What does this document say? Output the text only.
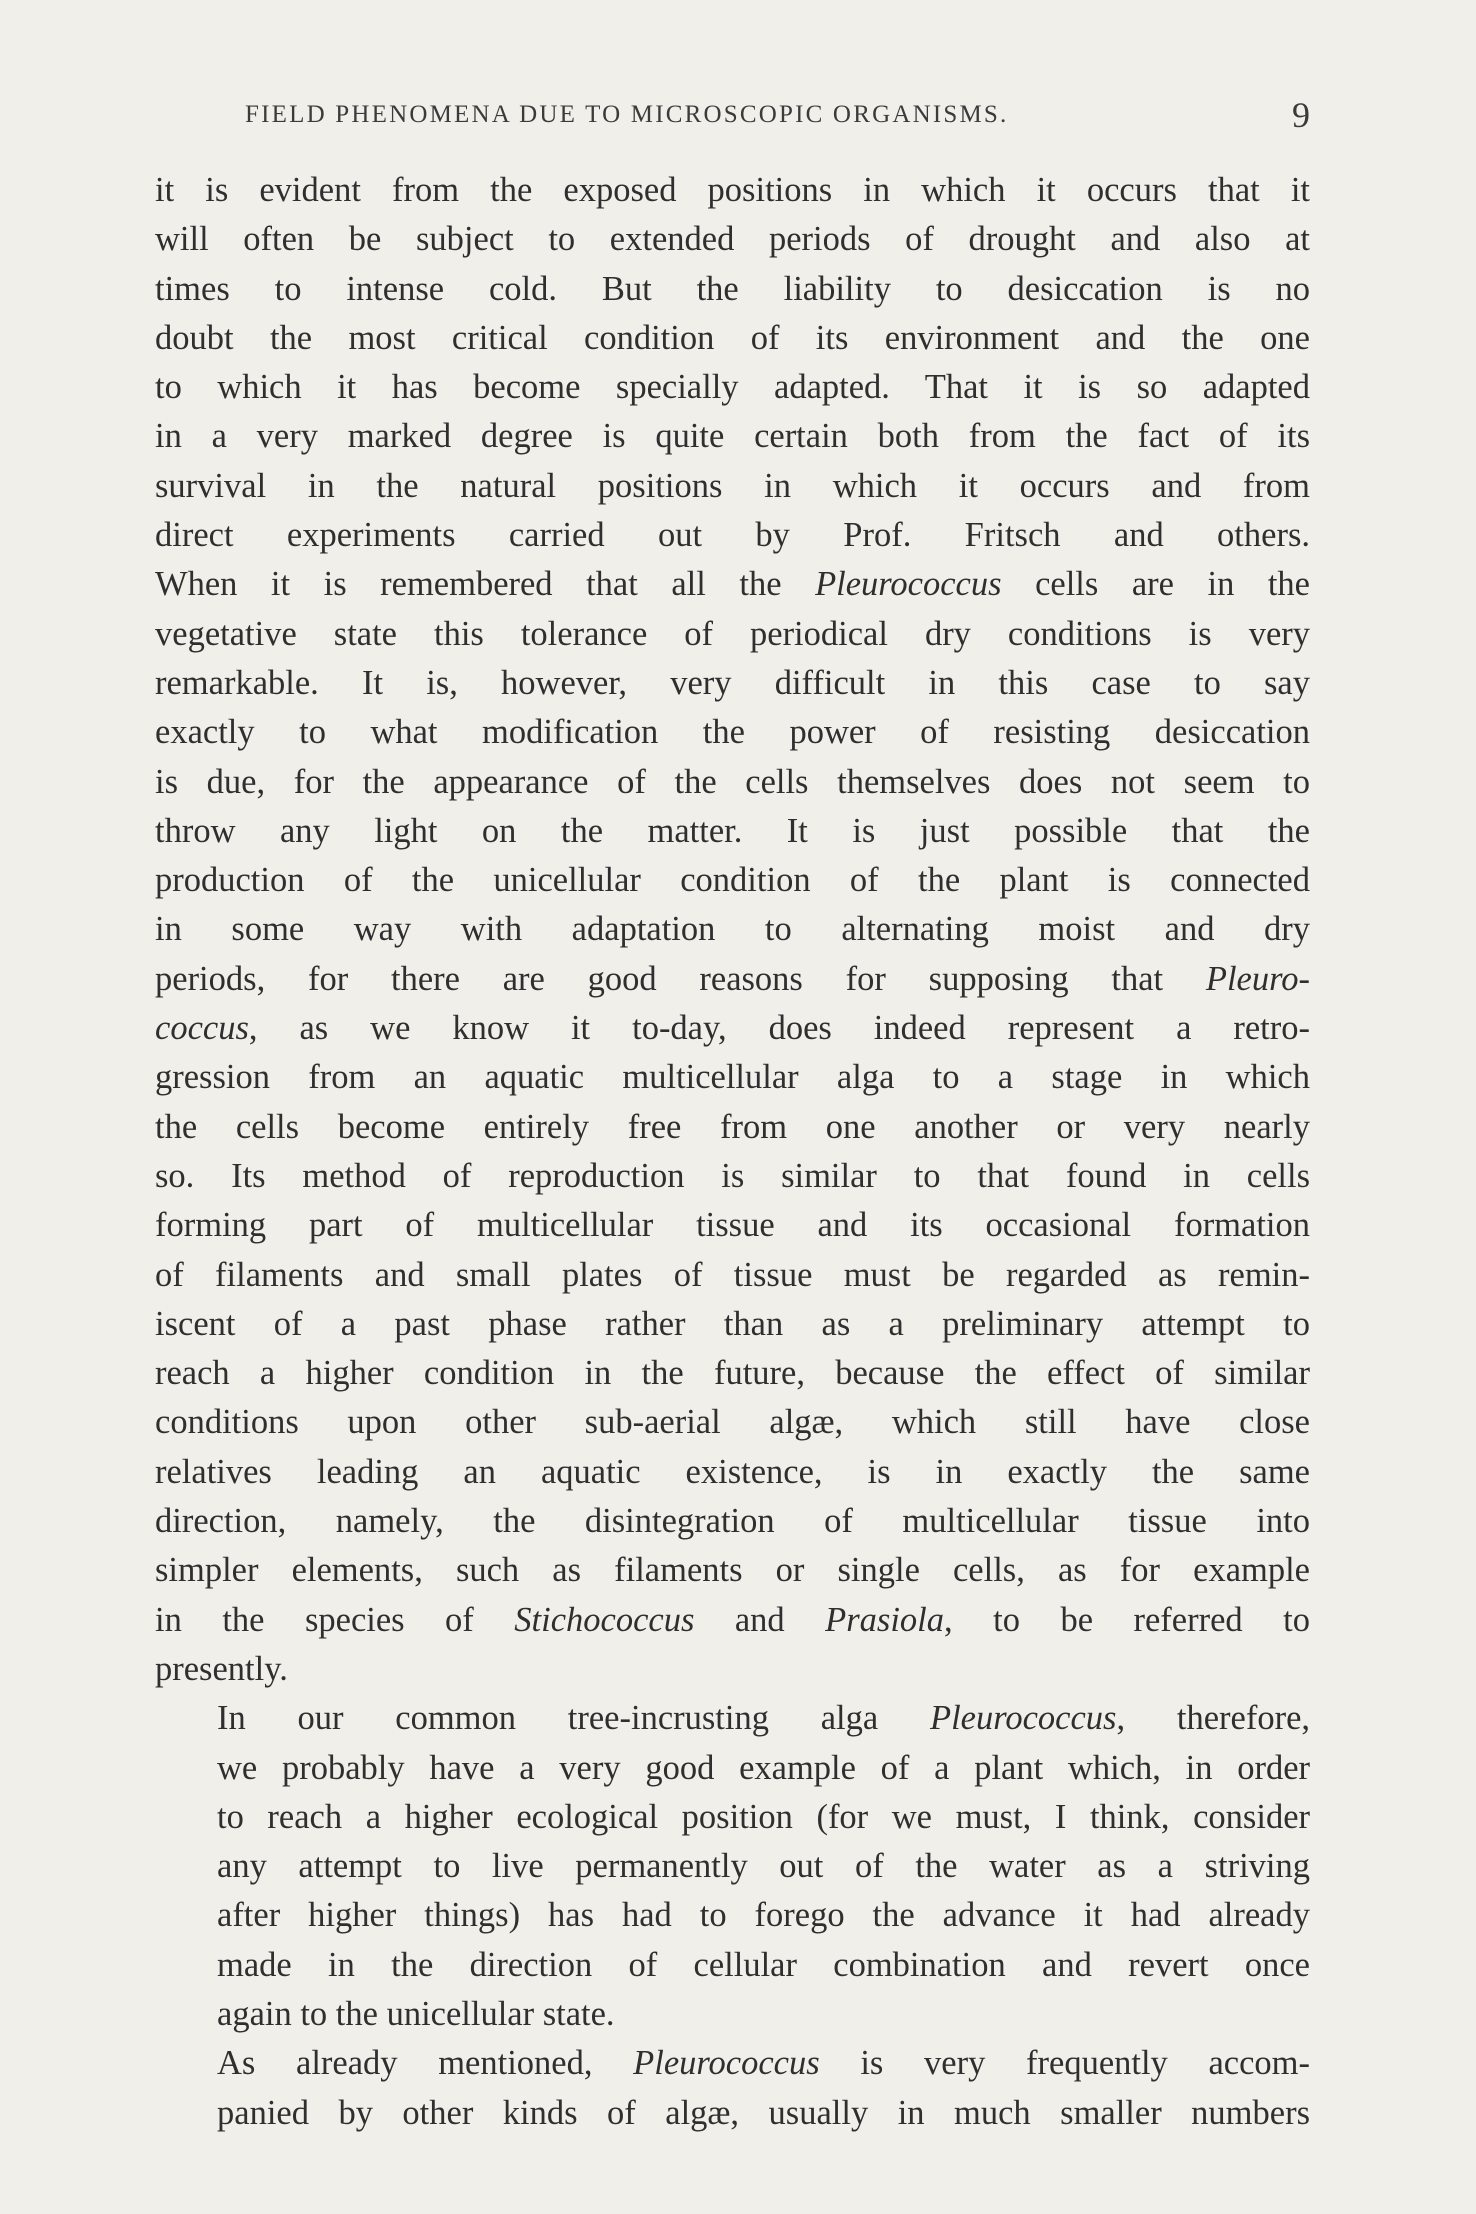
FIELD PHENOMENA DUE TO MICROSCOPIC ORGANISMS.	9

it is evident from the exposed positions in which it occurs that it
will often be subject to extended periods of drought and also at
times to intense cold. But the liability to desiccation is no
doubt the most critical condition of its environment and the one
to which it has become specially adapted. That it is so adapted
in a very marked degree is quite certain both from the fact of its
survival in the natural positions in which it occurs and from
direct experiments carried out by Prof. Fritsch and others.
When it is remembered that all the Pleurococcus cells are in the
vegetative state this tolerance of periodical dry conditions is very
remarkable. It is, however, very difficult in this case to say
exactly to what modification the power of resisting desiccation
is due, for the appearance of the cells themselves does not seem to
throw any light on the matter. It is just possible that the
production of the unicellular condition of the plant is connected
in some way with adaptation to alternating moist and dry
periods, for there are good reasons for supposing that Pleuro-
coccus, as we know it to-day, does indeed represent a retro-
gression from an aquatic multicellular alga to a stage in which
the cells become entirely free from one another or very nearly
so. Its method of reproduction is similar to that found in cells
forming part of multicellular tissue and its occasional formation
of filaments and small plates of tissue must be regarded as remin-
iscent of a past phase rather than as a preliminary attempt to
reach a higher condition in the future, because the effect of similar
conditions upon other sub-aerial algæ, which still have close
relatives leading an aquatic existence, is in exactly the same
direction, namely, the disintegration of multicellular tissue into
simpler elements, such as filaments or single cells, as for example
in the species of Stichococcus and Prasiola, to be referred to
presently.

In our common tree-incrusting alga Pleurococcus, therefore,
we probably have a very good example of a plant which, in order
to reach a higher ecological position (for we must, I think, consider
any attempt to live permanently out of the water as a striving
after higher things) has had to forego the advance it had already
made in the direction of cellular combination and revert once
again to the unicellular state.

As already mentioned, Pleurococcus is very frequently accom-
panied by other kinds of algæ, usually in much smaller numbers
